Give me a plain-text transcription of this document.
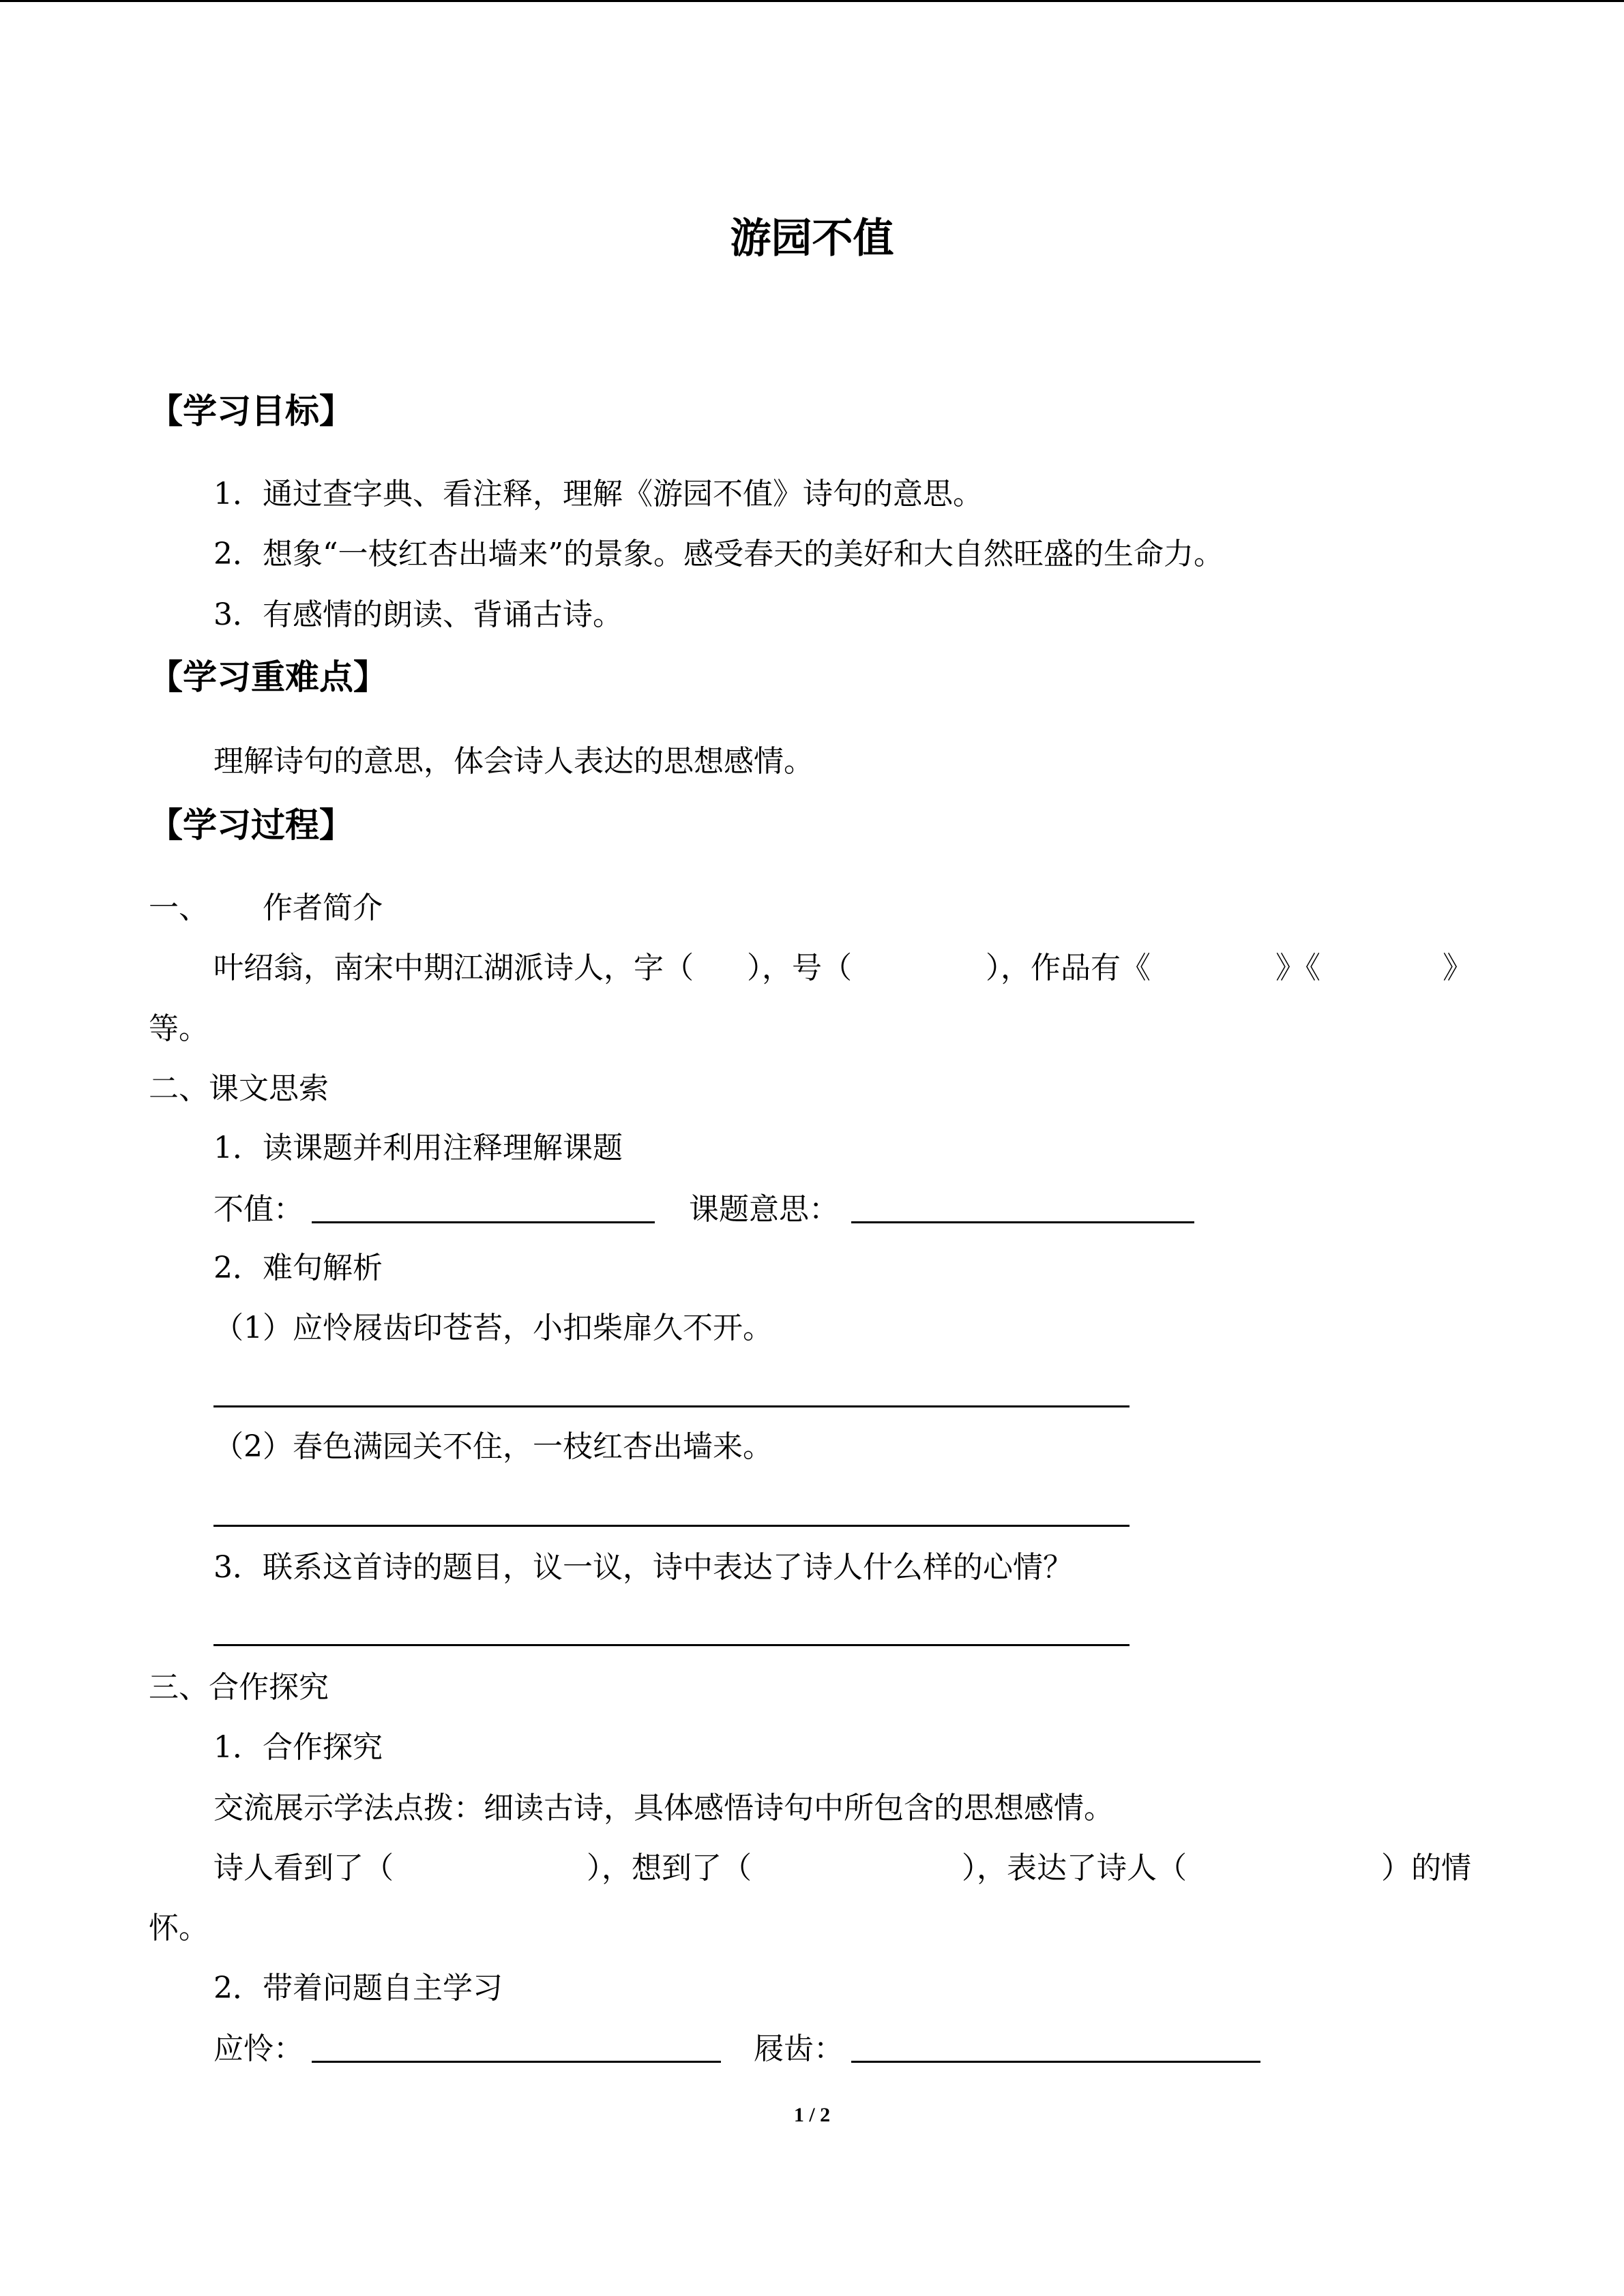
游园不值
【学习目标】
1．通过查字典、看注释，理解《游园不值》诗句的意思。
2．想象“一枝红杏出墙来”的景象。感受春天的美好和大自然旺盛的生命力。
3．有感情的朗读、背诵古诗。
【学习重难点】
理解诗句的意思，体会诗人表达的思想感情。
【学习过程】
一、 作者简介
叶绍翁，南宋中期江湖派诗人，字（ ），号（	），作品有《	》《	》
等。
二、课文思索
1．读课题并利用注释理解课题
不值：	课题意思：
2．难句解析
（1）应怜屐齿印苍苔，小扣柴扉久不开。
（2）春色满园关不住，一枝红杏出墙来。
3．联系这首诗的题目，议一议，诗中表达了诗人什么样的心情？
三、合作探究
1．合作探究
交流展示学法点拨：细读古诗，具体感悟诗句中所包含的思想感情。
诗人看到了（	），想到了（	），表达了诗人（	）的情
怀。
2．带着问题自主学习
应怜：	屐齿：
1 / 2
